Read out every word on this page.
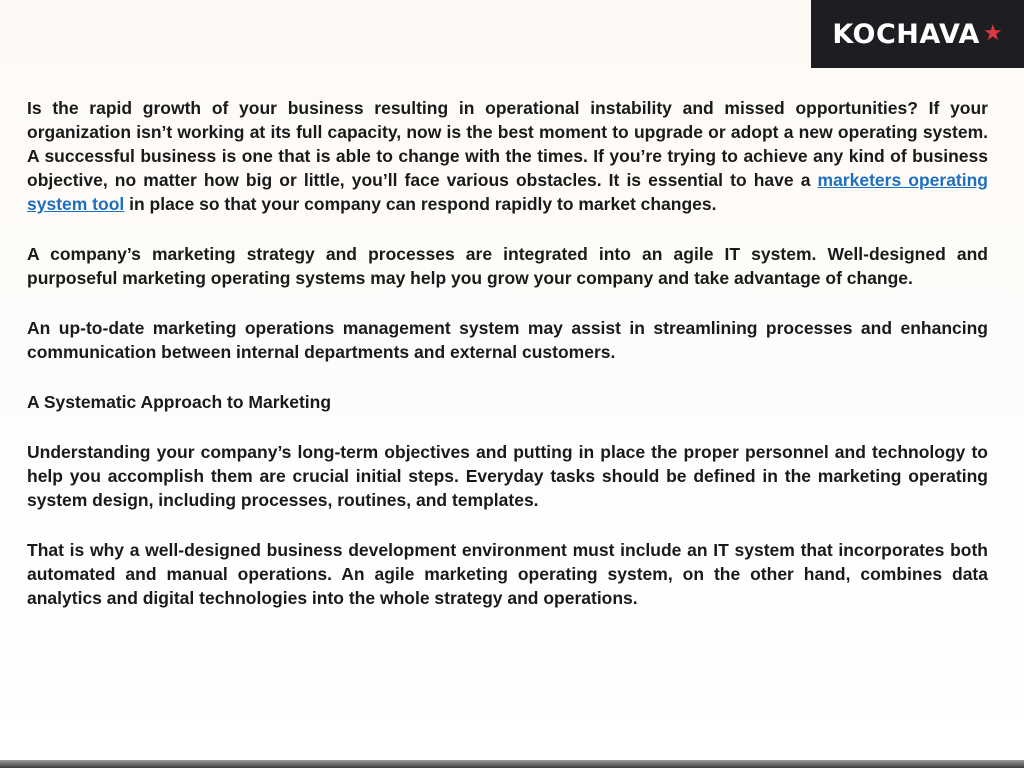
KOCHAVA ★

Is the rapid growth of your business resulting in operational instability and missed opportunities? If your organization isn’t working at its full capacity, now is the best moment to upgrade or adopt a new operating system. A successful business is one that is able to change with the times. If you’re trying to achieve any kind of business objective, no matter how big or little, you’ll face various obstacles. It is essential to have a marketers operating system tool in place so that your company can respond rapidly to market changes.

A company’s marketing strategy and processes are integrated into an agile IT system. Well-designed and purposeful marketing operating systems may help you grow your company and take advantage of change.

An up-to-date marketing operations management system may assist in streamlining processes and enhancing communication between internal departments and external customers.

A Systematic Approach to Marketing

Understanding your company’s long-term objectives and putting in place the proper personnel and technology to help you accomplish them are crucial initial steps. Everyday tasks should be defined in the marketing operating system design, including processes, routines, and templates.

That is why a well-designed business development environment must include an IT system that incorporates both automated and manual operations. An agile marketing operating system, on the other hand, combines data analytics and digital technologies into the whole strategy and operations.
